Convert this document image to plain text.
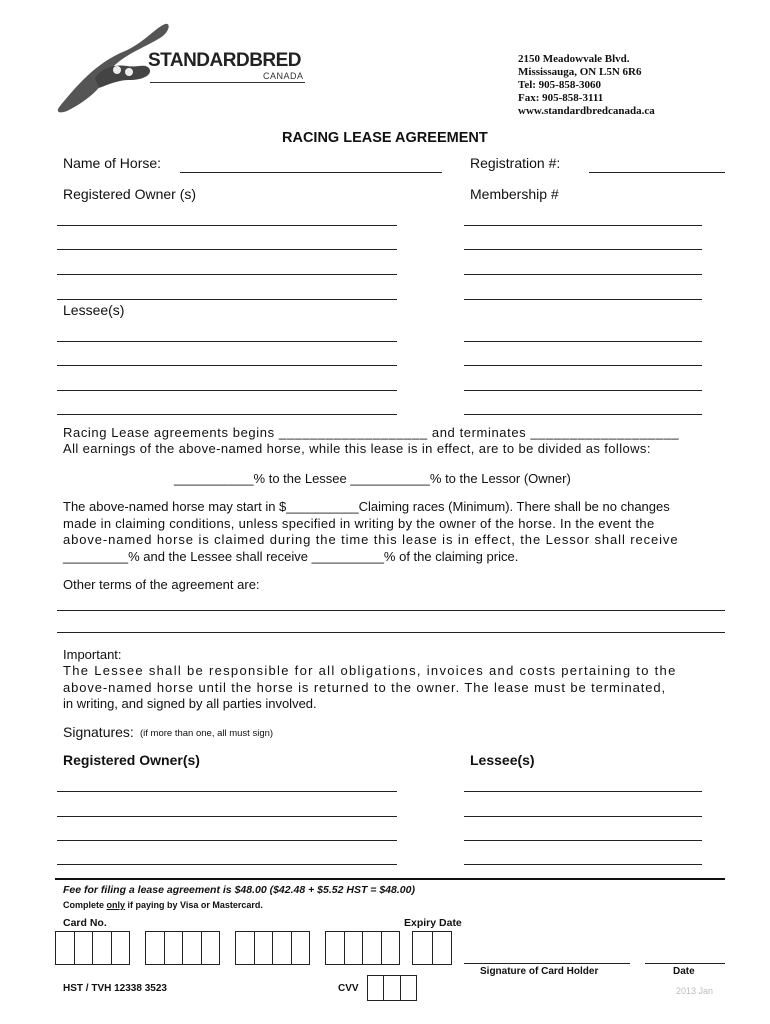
STANDARDBRED
CANADA
2150 Meadowvale Blvd.
Mississauga, ON L5N 6R6
Tel: 905-858-3060
Fax: 905-858-3111
www.standardbredcanada.ca
RACING LEASE AGREEMENT
Name of Horse:	Registration #:
Registered Owner (s)	Membership #
Lessee(s)
Racing Lease agreements begins ___________________ and terminates ___________________
All earnings of the above-named horse, while this lease is in effect, are to be divided as follows:
___________% to the Lessee ___________% to the Lessor (Owner)
The above-named horse may start in $__________Claiming races (Minimum). There shall be no changes
made in claiming conditions, unless specified in writing by the owner of the horse. In the event the
above-named horse is claimed during the time this lease is in effect, the Lessor shall receive
_________% and the Lessee shall receive __________% of the claiming price.
Other terms of the agreement are:
Important:
The Lessee shall be responsible for all obligations, invoices and costs pertaining to the
above-named horse until the horse is returned to the owner. The lease must be terminated,
in writing, and signed by all parties involved.
Signatures: (if more than one, all must sign)
Registered Owner(s)	Lessee(s)
Fee for filing a lease agreement is $48.00 ($42.48 + $5.52 HST = $48.00)
Complete only if paying by Visa or Mastercard.
Card No.	Expiry Date
Signature of Card Holder	Date
HST / TVH 12338 3523	CVV	2013 Jan
